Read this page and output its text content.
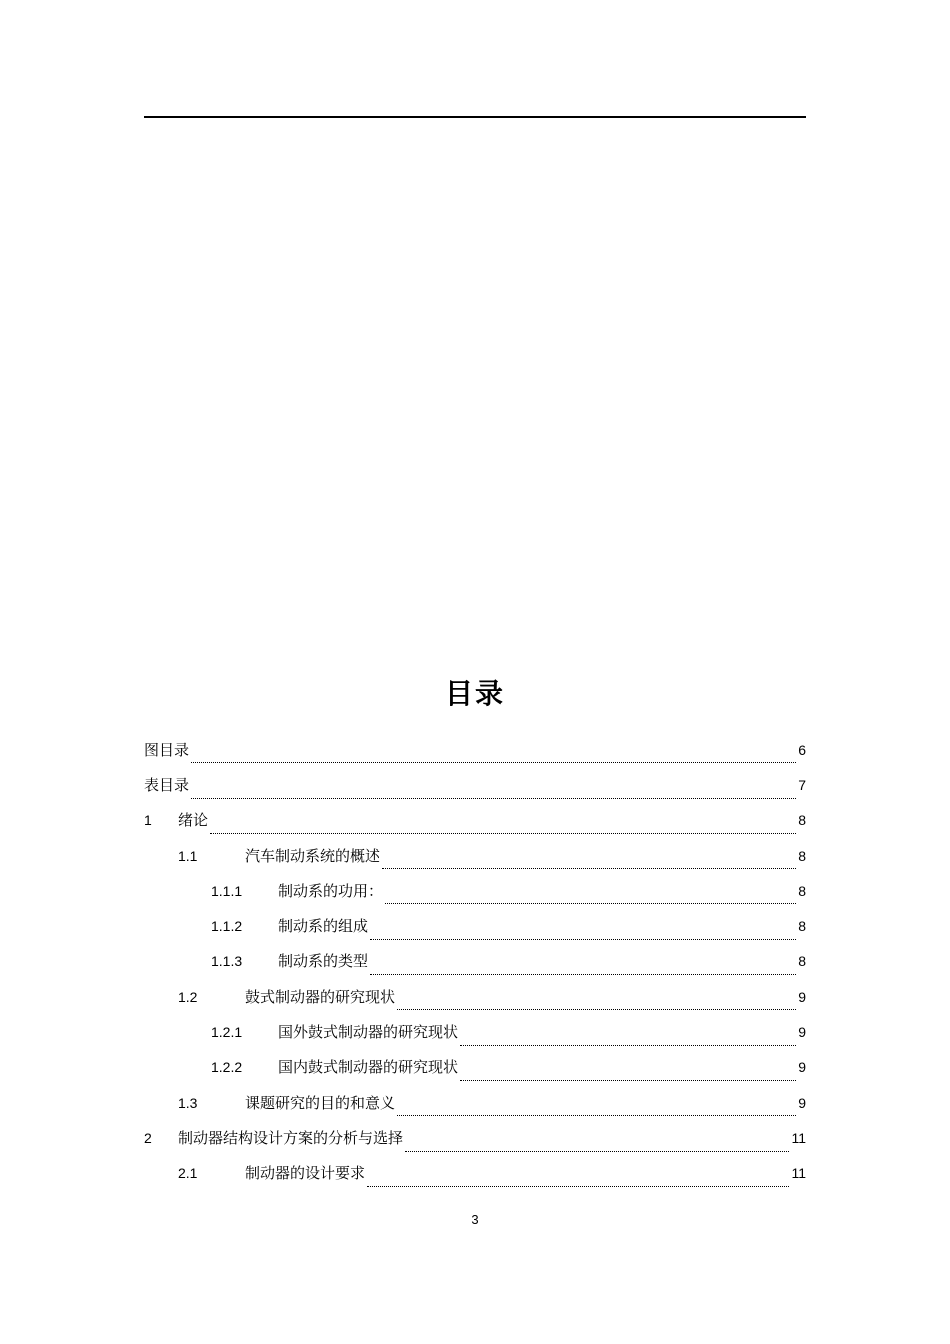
目录
图目录	6
表目录	7
1	绪论	8
1.1	汽车制动系统的概述	8
1.1.1	制动系的功用：	8
1.1.2	制动系的组成	8
1.1.3	制动系的类型	8
1.2	鼓式制动器的研究现状	9
1.2.1	国外鼓式制动器的研究现状	9
1.2.2	国内鼓式制动器的研究现状	9
1.3	课题研究的目的和意义	9
2	制动器结构设计方案的分析与选择	11
2.1	制动器的设计要求	11
3
